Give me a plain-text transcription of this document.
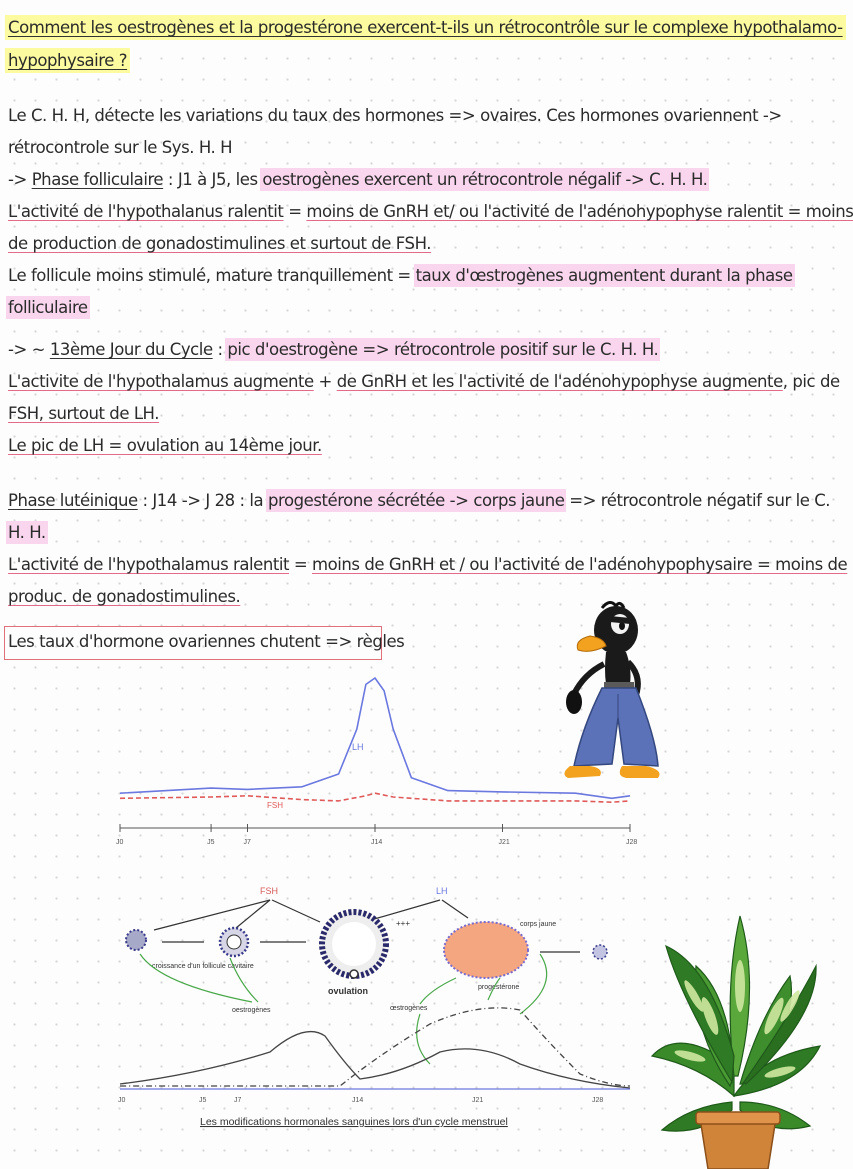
Comment les oestrogènes et la progestérone exercent-t-ils un rétrocontrôle sur le complexe hypothalamo-
hypophysaire ?
Le C. H. H, détecte les variations du taux des hormones => ovaires. Ces hormones ovariennent ->
rétrocontrole sur le Sys. H. H
-> Phase folliculaire : J1 à J5, les oestrogènes exercent un rétrocontrole négalif -> C. H. H.
L'activité de l'hypothalanus ralentit = moins de GnRH et/ ou l'activité de l'adénohypophyse ralentit = moins
de production de gonadostimulines et surtout de FSH.
Le follicule moins stimulé, mature tranquillement = taux d'œstrogènes augmentent durant la phase
folliculaire
-> ~ 13ème Jour du Cycle : pic d'oestrogène => rétrocontrole positif sur le C. H. H.
L'activite de l'hypothalamus augmente + de GnRH et les l'activité de l'adénohypophyse augmente, pic de
FSH, surtout de LH.
Le pic de LH = ovulation au 14ème jour.
Phase lutéinique : J14 -> J 28 : la progestérone sécrétée -> corps jaune => rétrocontrole négatif sur le C.
H. H.
L'activité de l'hypothalamus ralentit = moins de GnRH et / ou l'activité de l'adénohypophysaire = moins de
produc. de gonadostimulines.
Les taux d'hormone ovariennes chutent => règles
J0	J5	J7	J14	J21	J28
LH
FSH
FSH	LH
+++	corps jaune
croissance d'un follicule cavitaire
ovulation	progestérone
oestrogènes	œstrogènes
J0	J5	J7	J14	J21	J28
Les modifications hormonales sanguines lors d'un cycle menstruel
